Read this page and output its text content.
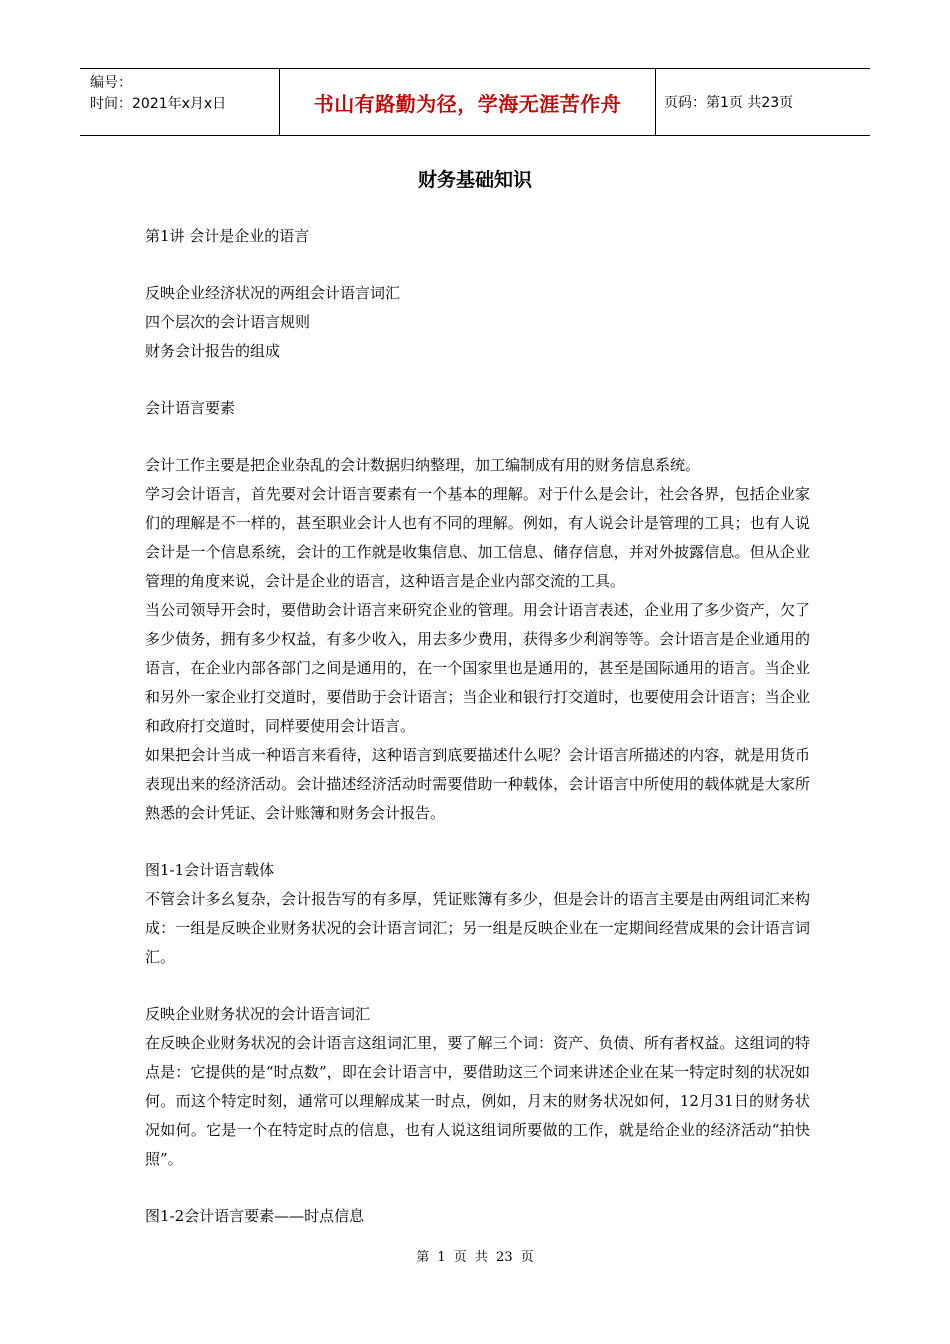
编号：
时间：2021年x月x日	书山有路勤为径，学海无涯苦作舟	页码：第1页 共23页
财务基础知识

第1讲 会计是企业的语言

反映企业经济状况的两组会计语言词汇

四个层次的会计语言规则

财务会计报告的组成

会计语言要素

会计工作主要是把企业杂乱的会计数据归纳整理，加工编制成有用的财务信息系统。

学习会计语言，首先要对会计语言要素有一个基本的理解。对于什么是会计，社会各界，包括企业家们的理解是不一样的，甚至职业会计人也有不同的理解。例如，有人说会计是管理的工具；也有人说会计是一个信息系统，会计的工作就是收集信息、加工信息、储存信息，并对外披露信息。但从企业管理的角度来说，会计是企业的语言，这种语言是企业内部交流的工具。

当公司领导开会时，要借助会计语言来研究企业的管理。用会计语言表述，企业用了多少资产，欠了多少债务，拥有多少权益，有多少收入，用去多少费用，获得多少利润等等。会计语言是企业通用的语言，在企业内部各部门之间是通用的，在一个国家里也是通用的，甚至是国际通用的语言。当企业和另外一家企业打交道时，要借助于会计语言；当企业和银行打交道时，也要使用会计语言；当企业和政府打交道时，同样要使用会计语言。

如果把会计当成一种语言来看待，这种语言到底要描述什么呢？会计语言所描述的内容，就是用货币表现出来的经济活动。会计描述经济活动时需要借助一种载体，会计语言中所使用的载体就是大家所熟悉的会计凭证、会计账簿和财务会计报告。

图1-1会计语言载体

不管会计多幺复杂，会计报告写的有多厚，凭证账簿有多少，但是会计的语言主要是由两组词汇来构成：一组是反映企业财务状况的会计语言词汇；另一组是反映企业在一定期间经营成果的会计语言词汇。

反映企业财务状况的会计语言词汇

在反映企业财务状况的会计语言这组词汇里，要了解三个词：资产、负债、所有者权益。这组词的特点是：它提供的是“时点数”，即在会计语言中，要借助这三个词来讲述企业在某一特定时刻的状况如何。而这个特定时刻，通常可以理解成某一时点，例如，月末的财务状况如何，12月31日的财务状况如何。它是一个在特定时点的信息，也有人说这组词所要做的工作，就是给企业的经济活动“拍快照”。

图1-2会计语言要素——时点信息

第 1 页 共 23 页
